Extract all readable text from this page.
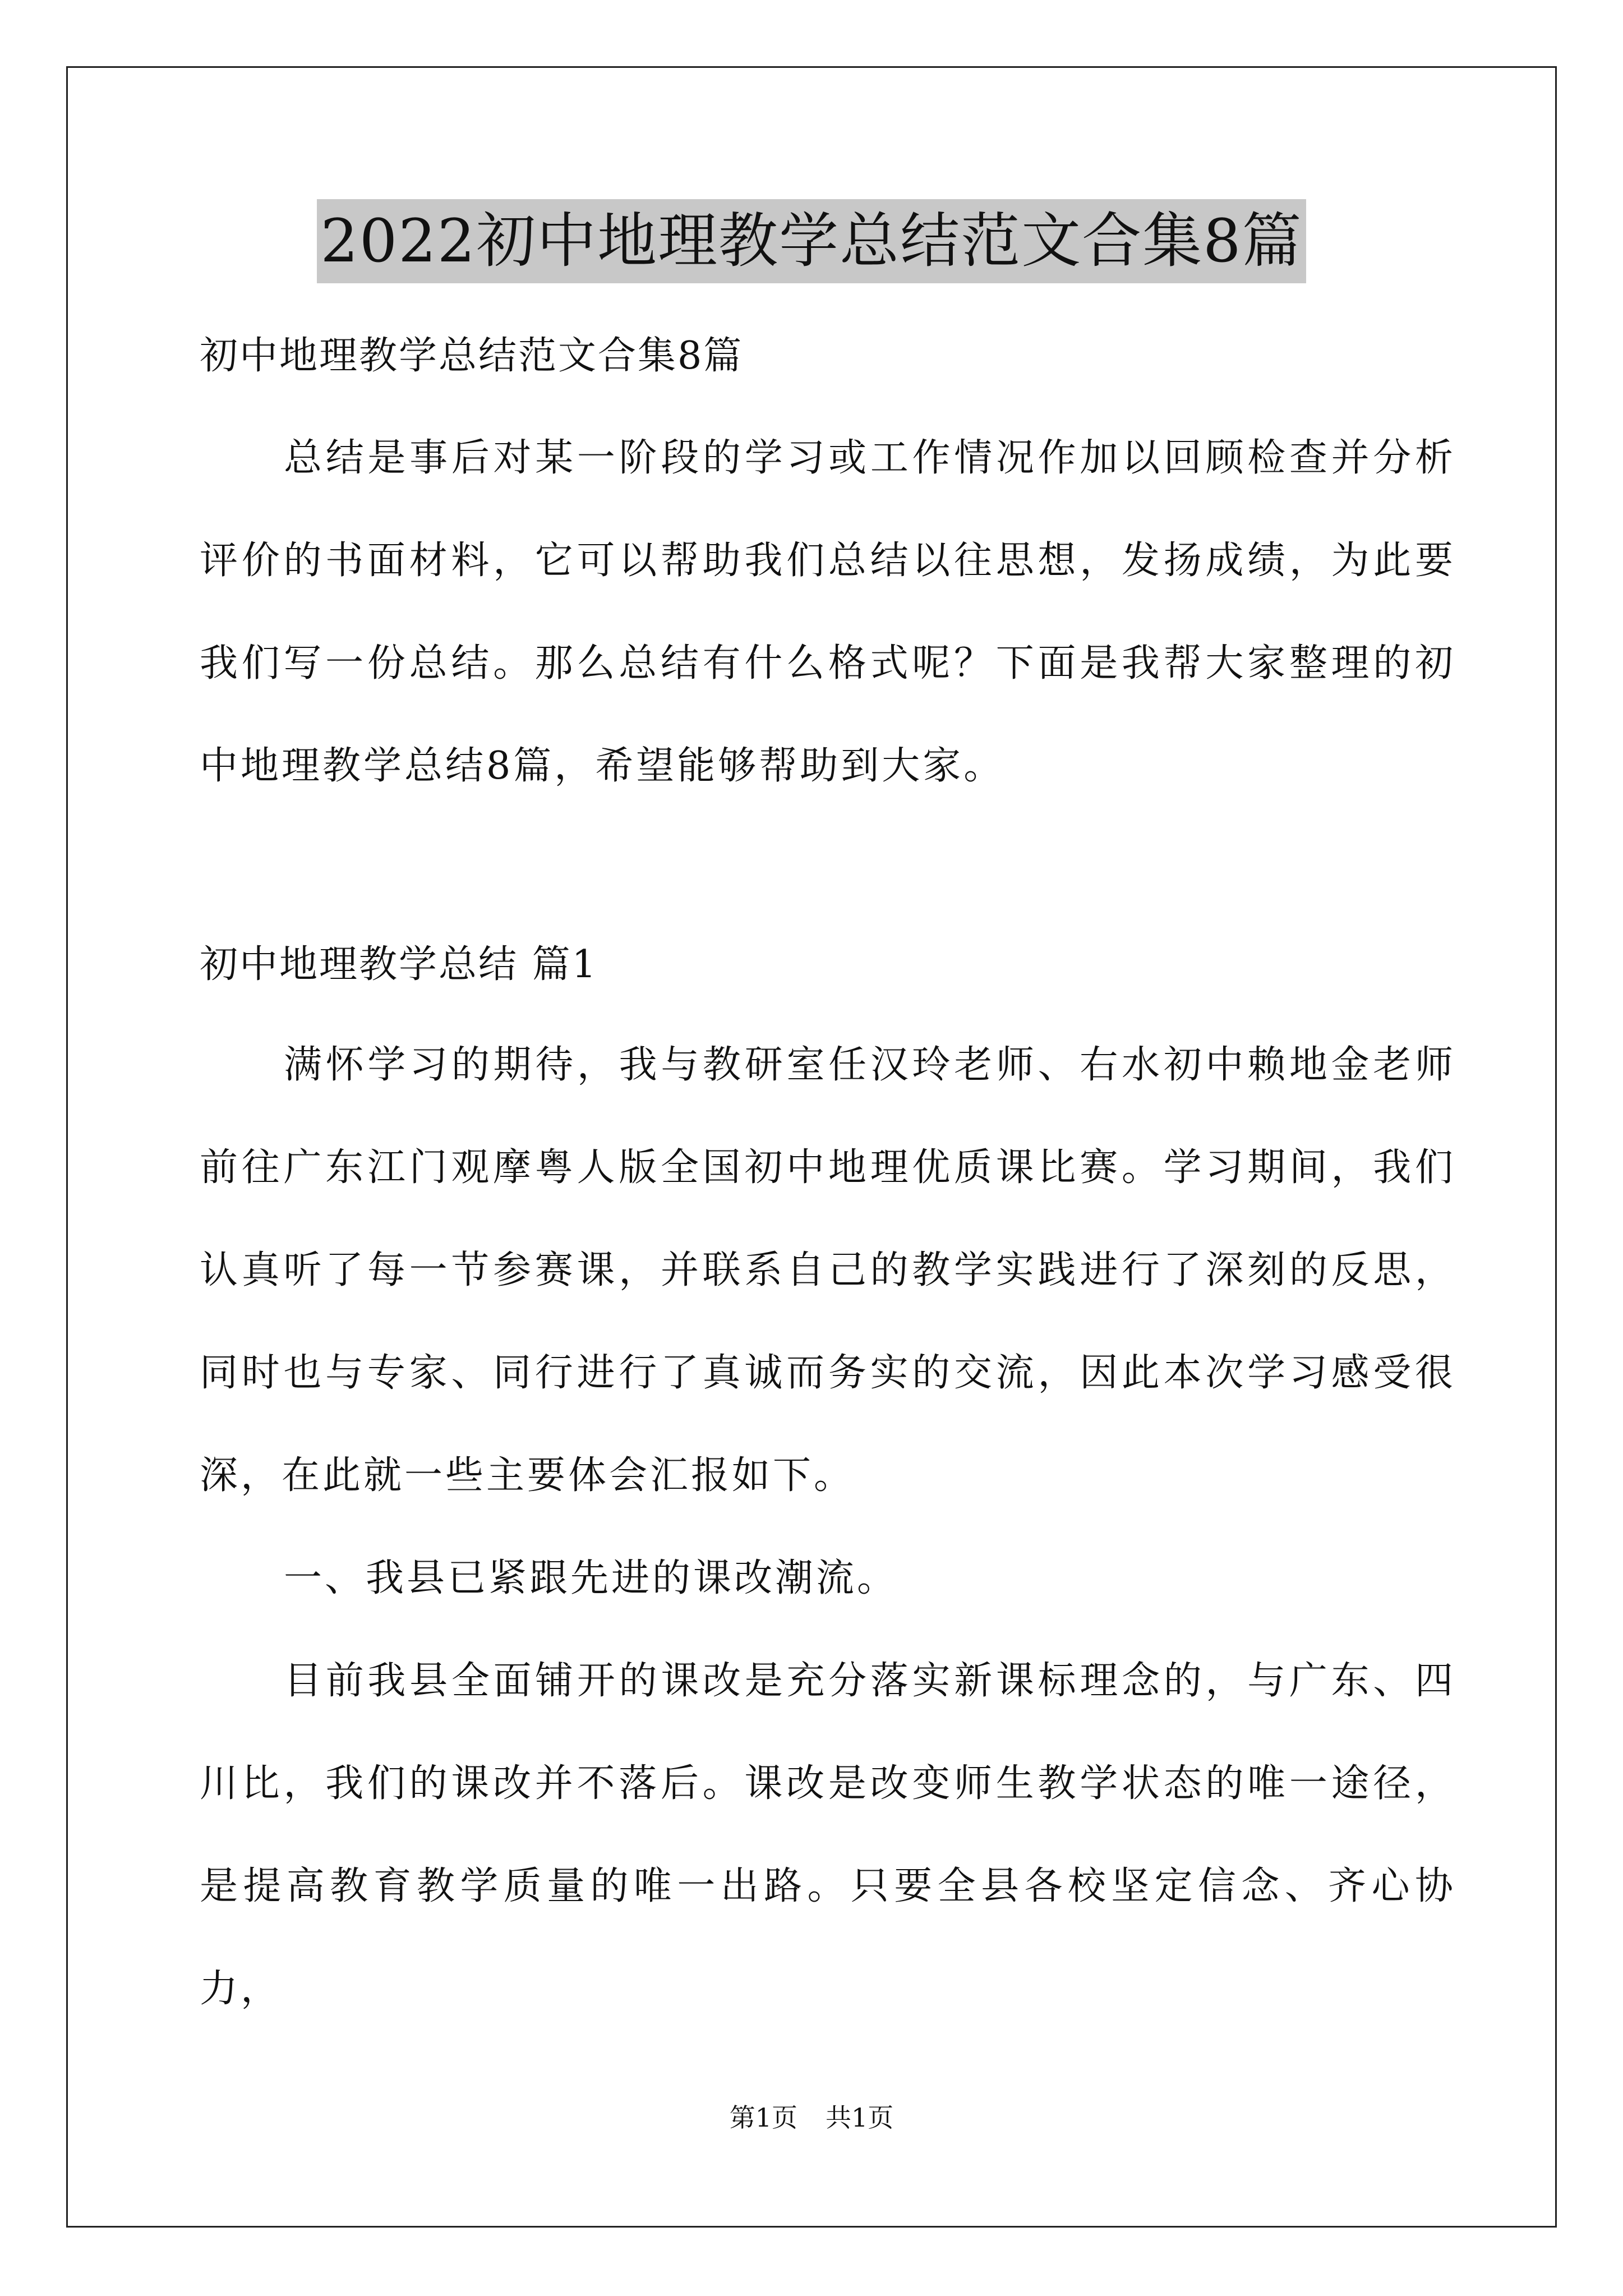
2022初中地理教学总结范文合集8篇

初中地理教学总结范文合集8篇

总结是事后对某一阶段的学习或工作情况作加以回顾检查并分析评价的书面材料，它可以帮助我们总结以往思想，发扬成绩，为此要我们写一份总结。那么总结有什么格式呢？下面是我帮大家整理的初中地理教学总结8篇，希望能够帮助到大家。

初中地理教学总结 篇1

满怀学习的期待，我与教研室任汉玲老师、右水初中赖地金老师前往广东江门观摩粤人版全国初中地理优质课比赛。学习期间，我们认真听了每一节参赛课，并联系自己的教学实践进行了深刻的反思，同时也与专家、同行进行了真诚而务实的交流，因此本次学习感受很深，在此就一些主要体会汇报如下。

一、我县已紧跟先进的课改潮流。

目前我县全面铺开的课改是充分落实新课标理念的，与广东、四川比，我们的课改并不落后。课改是改变师生教学状态的唯一途径，是提高教育教学质量的唯一出路。只要全县各校坚定信念、齐心协力，

第1页 共1页
